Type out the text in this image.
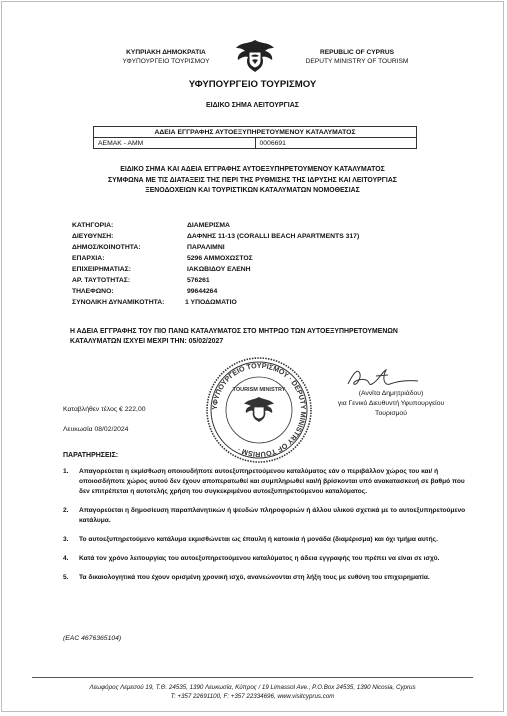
ΚΥΠΡΙΑΚΗ ΔΗΜΟΚΡΑΤΙΑ
ΥΦΥΠΟΥΡΓΕΙΟ ΤΟΥΡΙΣΜΟΥ
REPUBLIC OF CYPRUS
DEPUTY MINISTRY OF TOURISM
ΥΦΥΠΟΥΡΓΕΙΟ ΤΟΥΡΙΣΜΟΥ
ΕΙΔΙΚΟ ΣΗΜΑ ΛΕΙΤΟΥΡΓΙΑΣ
ΑΔΕΙΑ ΕΓΓΡΑΦΗΣ ΑΥΤΟΕΞΥΠΗΡΕΤΟΥΜΕΝΟΥ ΚΑΤΑΛΥΜΑΤΟΣ
ΑΕΜΑΚ - ΑΜΜ	0006691
ΕΙΔΙΚΟ ΣΗΜΑ ΚΑΙ ΑΔΕΙΑ ΕΓΓΡΑΦΗΣ ΑΥΤΟΕΞΥΠΗΡΕΤΟΥΜΕΝΟΥ ΚΑΤΑΛΥΜΑΤΟΣ
ΣΥΜΦΩΝΑ ΜΕ ΤΙΣ ΔΙΑΤΑΞΕΙΣ ΤΗΣ ΠΕΡΙ ΤΗΣ ΡΥΘΜΙΣΗΣ ΤΗΣ ΙΔΡΥΣΗΣ ΚΑΙ ΛΕΙΤΟΥΡΓΙΑΣ
ΞΕΝΟΔΟΧΕΙΩΝ ΚΑΙ ΤΟΥΡΙΣΤΙΚΩΝ ΚΑΤΑΛΥΜΑΤΩΝ ΝΟΜΟΘΕΣΙΑΣ
ΚΑΤΗΓΟΡΙΑ:	ΔΙΑΜΕΡΙΣΜΑ
ΔΙΕΥΘΥΝΣΗ:	ΔΑΦΝΗΣ 11-13 (CORALLI BEACH APARTMENTS 317)
ΔΗΜΟΣ/ΚΟΙΝΟΤΗΤΑ:	ΠΑΡΑΛΙΜΝΙ
ΕΠΑΡΧΙΑ:	5296 ΑΜΜΟΧΩΣΤΟΣ
ΕΠΙΧΕΙΡΗΜΑΤΙΑΣ:	ΙΑΚΩΒΙΔΟΥ ΕΛΕΝΗ
ΑΡ. ΤΑΥΤΟΤΗΤΑΣ:	576261
ΤΗΛΕΦΩΝΟ:	99644264
ΣΥΝΟΛΙΚΗ ΔΥΝΑΜΙΚΟΤΗΤΑ:	1 ΥΠΟΔΩΜΑΤΙΟ
Η ΑΔΕΙΑ ΕΓΓΡΑΦΗΣ ΤΟΥ ΠΙΟ ΠΑΝΩ ΚΑΤΑΛΥΜΑΤΟΣ ΣΤΟ ΜΗΤΡΩΟ ΤΩΝ ΑΥΤΟΕΞΥΠΗΡΕΤΟΥΜΕΝΩΝ
ΚΑΤΑΛΥΜΑΤΩΝ ΙΣΧΥΕΙ ΜΕΧΡΙ ΤΗΝ: 05/02/2027
ΥΦΥΠΟΥΡΓΕΙΟ ΤΟΥΡΙΣΜΟΥ · DEPUTY MINISTRY OF TOURISM ·
TOURISM MINISTRY	(Αννίτα Δημητριάδου)
για Γενικό Διευθυντή Υφυπουργείου
Τουρισμού
Καταβλήθεν τέλος € 222,00
Λευκωσία 08/02/2024
ΠΑΡΑΤΗΡΗΣΕΙΣ:
1. Απαγορεύεται η εκμίσθωση οποιουδήποτε αυτοεξυπηρετούμενου καταλύματος εάν ο περιβάλλον χώρος του και/ ή οποιοσδήποτε χώρος αυτού δεν έχουν αποπερατωθεί και συμπληρωθεί και/ή βρίσκονται υπό ανακατασκευή σε βαθμό που δεν επιτρέπεται η αυτοτελής χρήση του συγκεκριμένου αυτοεξυπηρετούμενου καταλύματος.
2. Απαγορεύεται η δημοσίευση παραπλανητικών ή ψευδών πληροφοριών ή άλλου υλικού σχετικά με το αυτοεξυπηρετούμενο κατάλυμα.
3. Το αυτοεξυπηρετούμενο κατάλυμα εκμισθώνεται ως έπαυλη ή κατοικία ή μονάδα (διαμέρισμα) και όχι τμήμα αυτής.
4. Κατά τον χρόνο λειτουργίας του αυτοεξυπηρετούμενου καταλύματος η άδεια εγγραφής του πρέπει να είναι σε ισχύ.
5. Τα δικαιολογητικά που έχουν ορισμένη χρονική ισχύ, ανανεώνονται στη λήξη τους με ευθύνη του επιχειρηματία.
(EAC 4676365104)
Λεωφόρος Λεμεσού 19, Τ.Θ. 24535, 1390 Λευκωσία, Κύπρος / 19 Limassol Ave., P.O.Box 24535, 1390 Nicosia, Cyprus
T: +357 22691100, F: +357 22334696, www.visitcyprus.com
